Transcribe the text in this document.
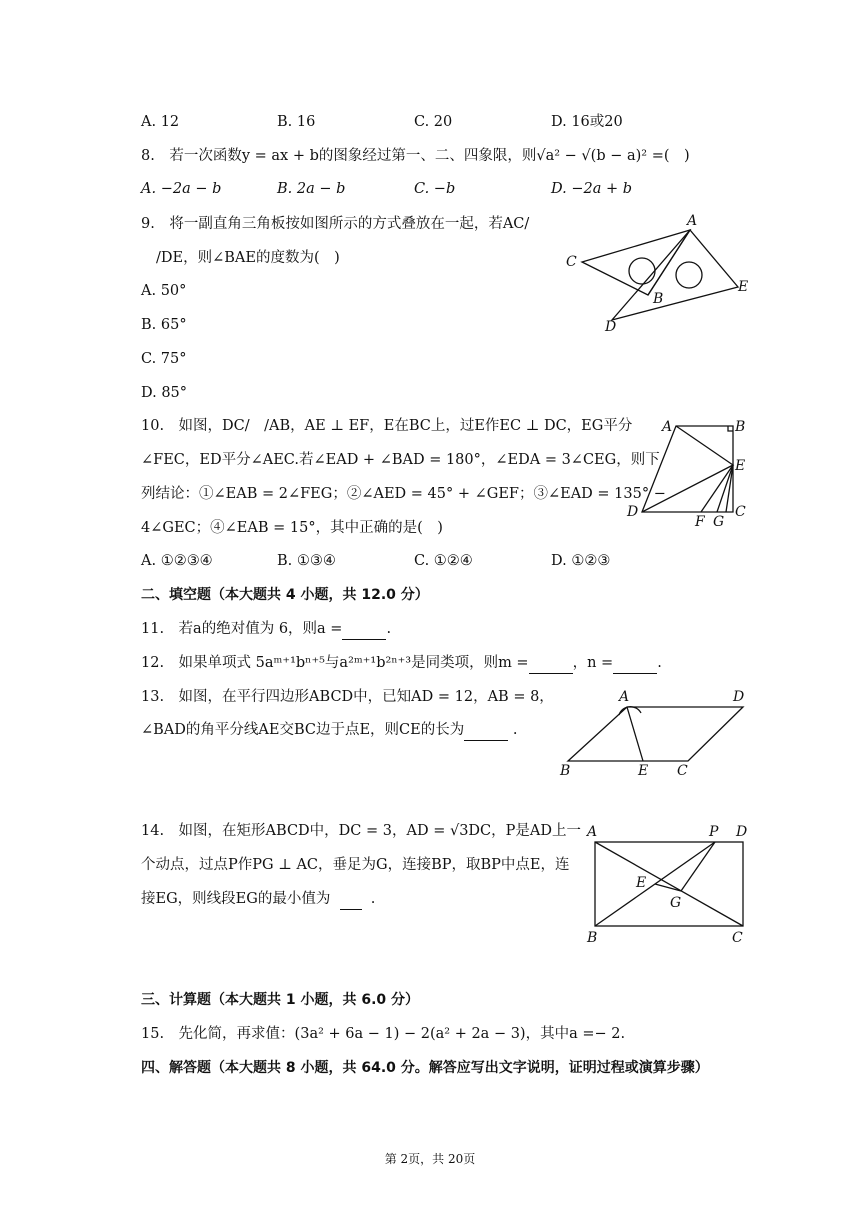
A. 12	B. 16	C. 20	D. 16或20
8.　若一次函数y = ax + b的图象经过第一、二、四象限，则√a² − √(b − a)² =(　)
A. −2a − b	B. 2a − b	C. −b	D. −2a + b
9.　将一副直角三角板按如图所示的方式叠放在一起，若AC/
/DE，则∠BAE的度数为(　)
A. 50°
B. 65°
C. 75°
D. 85°
A
C
B
E
D
10.　如图，DC/　/AB，AE ⊥ EF，E在BC上，过E作EC ⊥ DC，EG平分
∠FEC，ED平分∠AEC.若∠EAD + ∠BAD = 180°，∠EDA = 3∠CEG，则下
列结论：①∠EAB = 2∠FEG；②∠AED = 45° + ∠GEF；③∠EAD = 135° −
4∠GEC；④∠EAB = 15°，其中正确的是(　)
A. ①②③④	B. ①③④	C. ①②④	D. ①②③
A	B
E
D
F G
C
二、填空题（本大题共 4 小题，共 12.0 分）
11.　若a的绝对值为 6，则a =	.
12.　如果单项式 5aᵐ⁺¹bⁿ⁺⁵与a²ᵐ⁺¹b²ⁿ⁺³是同类项，则m =	，n =	.
13.　如图，在平行四边形ABCD中，已知AD = 12，AB = 8，
∠BAD的角平分线AE交BC边于点E，则CE的长为	.
A	D
B	E C
14.　如图，在矩形ABCD中，DC = 3，AD = √3DC，P是AD上一
个动点，过点P作PG ⊥ AC，垂足为G，连接BP，取BP中点E，连
接EG，则线段EG的最小值为	.
A	P D
E
G
B	C
三、计算题（本大题共 1 小题，共 6.0 分）
15.　先化简，再求值：(3a² + 6a − 1) − 2(a² + 2a − 3)，其中a =− 2.
四、解答题（本大题共 8 小题，共 64.0 分。解答应写出文字说明，证明过程或演算步骤）
第 2页，共 20页
